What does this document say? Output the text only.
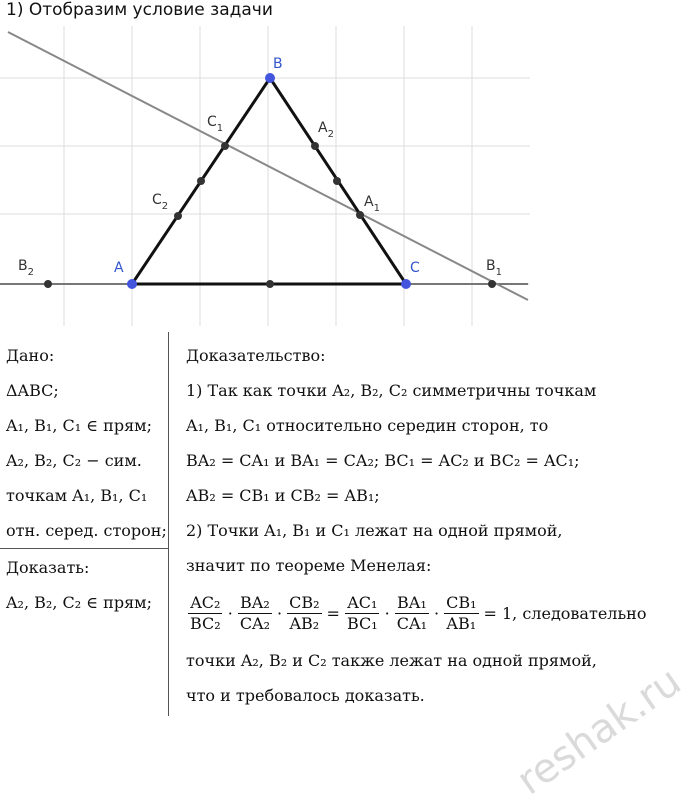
1) Отобразим условие задачи
B
A	C
$C_1$
$C_2$
$A_2$
$A_1$
$B_2$	$B_1$
Дано:
ΔABC;
A₁, B₁, C₁ ∈ прям;
A₂, B₂, C₂ − сим.
точкам A₁, B₁, C₁
отн. серед. сторон;
Доказать:
A₂, B₂, C₂ ∈ прям;
Доказательство:
1) Так как точки A₂, B₂, C₂ симметричны точкам
A₁, B₁, C₁ относительно середин сторон, то
BA₂ = CA₁ и BA₁ = CA₂; BC₁ = AC₂ и BC₂ = AC₁;
AB₂ = CB₁ и CB₂ = AB₁;
2) Точки A₁, B₁ и C₁ лежат на одной прямой,
значит по теореме Менелая:
$\frac{\text{AC₂}}{\text{BC₂}} \cdot \frac{\text{BA₂}}{\text{CA₂}} \cdot \frac{\text{CB₂}}{\text{AB₂}} = \frac{\text{AC₁}}{\text{BC₁}} \cdot \frac{\text{BA₁}}{\text{CA₁}} \cdot \frac{\text{CB₁}}{\text{AB₁}} = 1$, следовательно
точки A₂, B₂ и C₂ также лежат на одной прямой,
что и требовалось доказать.	reshak.ru
